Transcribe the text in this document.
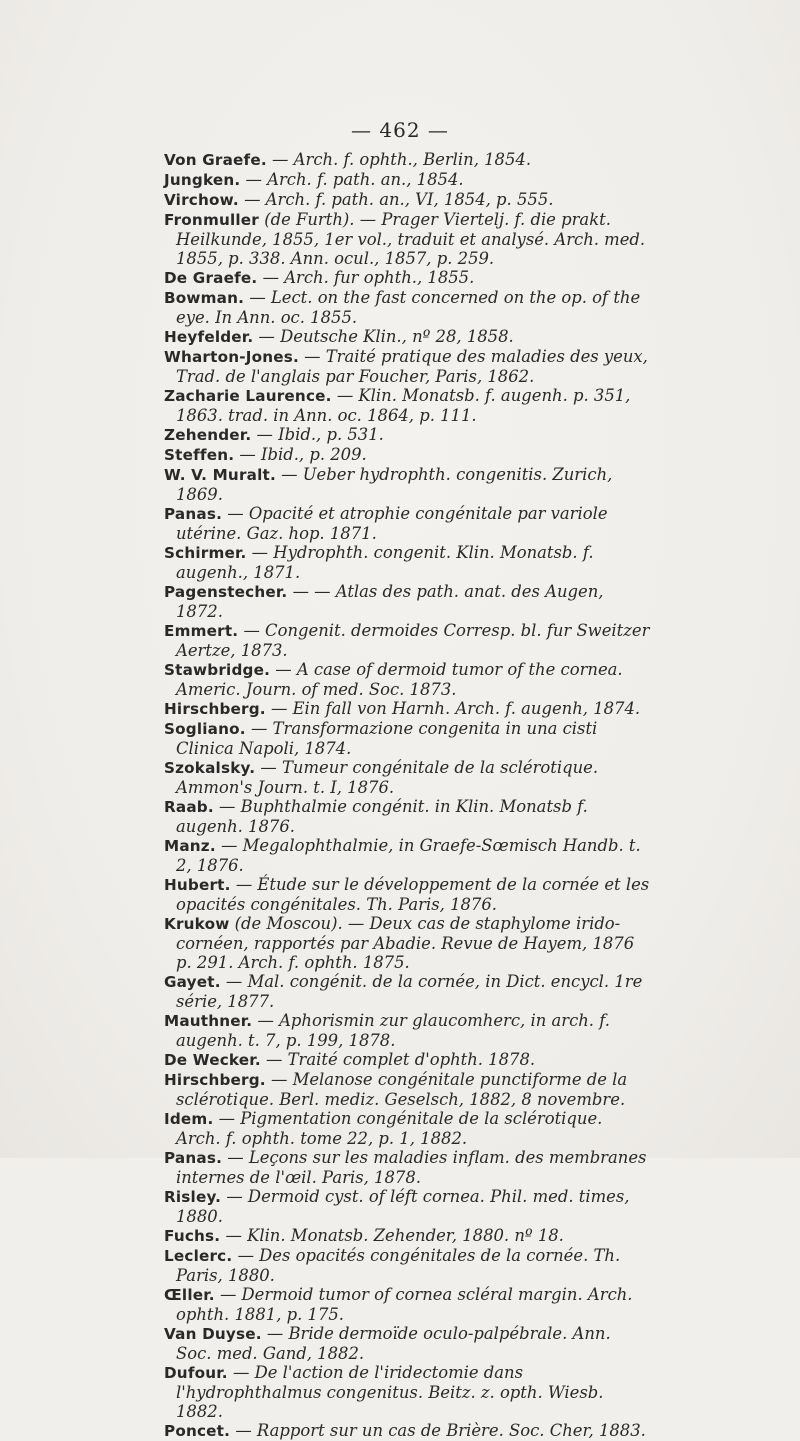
— 462 —

Von Graefe. — Arch. f. ophth., Berlin, 1854.

Jungken. — Arch. f. path. an., 1854.

Virchow. — Arch. f. path. an., VI, 1854, p. 555.

Fronmuller (de Furth). — Prager Viertelj. f. die prakt. Heilkunde, 1855, 1er vol., traduit et analysé. Arch. med. 1855, p. 338. Ann. ocul., 1857, p. 259.

De Graefe. — Arch. fur ophth., 1855.

Bowman. — Lect. on the fast concerned on the op. of the eye. In Ann. oc. 1855.

Heyfelder. — Deutsche Klin., nº 28, 1858.

Wharton-Jones. — Traité pratique des maladies des yeux, Trad. de l'anglais par Foucher, Paris, 1862.

Zacharie Laurence. — Klin. Monatsb. f. augenh. p. 351, 1863. trad. in Ann. oc. 1864, p. 111.

Zehender. — Ibid., p. 531.

Steffen. — Ibid., p. 209.

W. V. Muralt. — Ueber hydrophth. congenitis. Zurich, 1869.

Panas. — Opacité et atrophie congénitale par variole utérine. Gaz. hop. 1871.

Schirmer. — Hydrophth. congenit. Klin. Monatsb. f. augenh., 1871.

Pagenstecher. — — Atlas des path. anat. des Augen, 1872.

Emmert. — Congenit. dermoides Corresp. bl. fur Sweitzer Aertze, 1873.

Stawbridge. — A case of dermoid tumor of the cornea. Americ. Journ. of med. Soc. 1873.

Hirschberg. — Ein fall von Harnh. Arch. f. augenh, 1874.

Sogliano. — Transformazione congenita in una cisti Clinica Napoli, 1874.

Szokalsky. — Tumeur congénitale de la sclérotique. Ammon's Journ. t. I, 1876.

Raab. — Buphthalmie congénit. in Klin. Monatsb f. augenh. 1876.

Manz. — Megalophthalmie, in Graefe-Sœmisch Handb. t. 2, 1876.

Hubert. — Étude sur le développement de la cornée et les opacités congénitales. Th. Paris, 1876.

Krukow (de Moscou). — Deux cas de staphylome irido-cornéen, rapportés par Abadie. Revue de Hayem, 1876 p. 291. Arch. f. ophth. 1875.

Gayet. — Mal. congénit. de la cornée, in Dict. encycl. 1re série, 1877.

Mauthner. — Aphorismin zur glaucomherc, in arch. f. augenh. t. 7, p. 199, 1878.

De Wecker. — Traité complet d'ophth. 1878.

Hirschberg. — Melanose congénitale punctiforme de la sclérotique. Berl. mediz. Geselsch, 1882, 8 novembre.

Idem. — Pigmentation congénitale de la sclérotique. Arch. f. ophth. tome 22, p. 1, 1882.

Panas. — Leçons sur les maladies inflam. des membranes internes de l'œil. Paris, 1878.

Risley. — Dermoid cyst. of léft cornea. Phil. med. times, 1880.

Fuchs. — Klin. Monatsb. Zehender, 1880. nº 18.

Leclerc. — Des opacités congénitales de la cornée. Th. Paris, 1880.

Œller. — Dermoid tumor of cornea scléral margin. Arch. ophth. 1881, p. 175.

Van Duyse. — Bride dermoïde oculo-palpébrale. Ann. Soc. med. Gand, 1882.

Dufour. — De l'action de l'iridectomie dans l'hydrophthalmus congenitus. Beitz. z. opth. Wiesb. 1882.

Poncet. — Rapport sur un cas de Brière. Soc. Cher, 1883.
